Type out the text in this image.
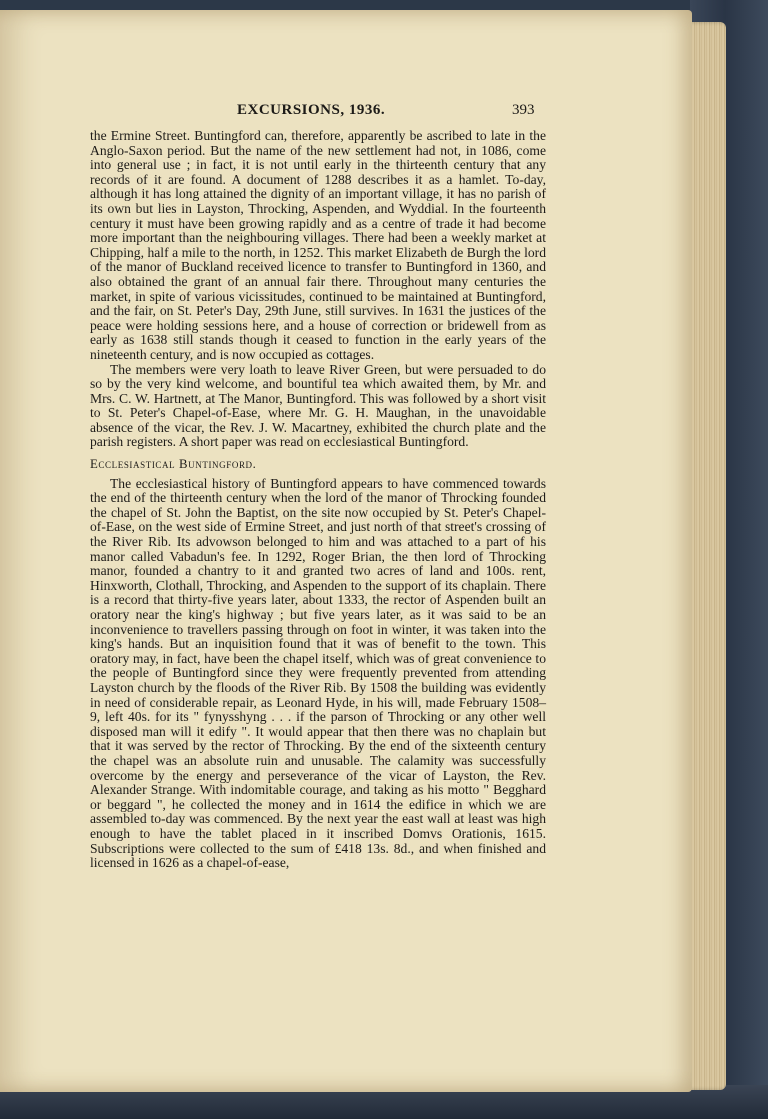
EXCURSIONS, 1936.	393

the Ermine Street. Buntingford can, therefore, apparently be ascribed to late in the Anglo-Saxon period. But the name of the new settlement had not, in 1086, come into general use ; in fact, it is not until early in the thirteenth century that any records of it are found. A document of 1288 describes it as a hamlet. To-day, although it has long attained the dignity of an important village, it has no parish of its own but lies in Layston, Throcking, Aspenden, and Wyddial. In the fourteenth century it must have been growing rapidly and as a centre of trade it had become more important than the neighbouring villages. There had been a weekly market at Chipping, half a mile to the north, in 1252. This market Elizabeth de Burgh the lord of the manor of Buckland received licence to transfer to Buntingford in 1360, and also obtained the grant of an annual fair there. Throughout many centuries the market, in spite of various vicissitudes, continued to be maintained at Buntingford, and the fair, on St. Peter's Day, 29th June, still survives. In 1631 the justices of the peace were holding sessions here, and a house of correction or bridewell from as early as 1638 still stands though it ceased to function in the early years of the nineteenth century, and is now occupied as cottages.

The members were very loath to leave River Green, but were persuaded to do so by the very kind welcome, and bountiful tea which awaited them, by Mr. and Mrs. C. W. Hartnett, at The Manor, Buntingford. This was followed by a short visit to St. Peter's Chapel-of-Ease, where Mr. G. H. Maughan, in the unavoidable absence of the vicar, the Rev. J. W. Macartney, exhibited the church plate and the parish registers. A short paper was read on ecclesiastical Buntingford.

Ecclesiastical Buntingford.

The ecclesiastical history of Buntingford appears to have commenced towards the end of the thirteenth century when the lord of the manor of Throcking founded the chapel of St. John the Baptist, on the site now occupied by St. Peter's Chapel-of-Ease, on the west side of Ermine Street, and just north of that street's crossing of the River Rib. Its advowson belonged to him and was attached to a part of his manor called Vabadun's fee. In 1292, Roger Brian, the then lord of Throcking manor, founded a chantry to it and granted two acres of land and 100s. rent, Hinxworth, Clothall, Throcking, and Aspenden to the support of its chaplain. There is a record that thirty-five years later, about 1333, the rector of Aspenden built an oratory near the king's highway ; but five years later, as it was said to be an inconvenience to travellers passing through on foot in winter, it was taken into the king's hands. But an inquisition found that it was of benefit to the town. This oratory may, in fact, have been the chapel itself, which was of great convenience to the people of Buntingford since they were frequently prevented from attending Layston church by the floods of the River Rib. By 1508 the building was evidently in need of considerable repair, as Leonard Hyde, in his will, made February 1508–9, left 40s. for its " fynysshyng . . . if the parson of Throcking or any other well disposed man will it edify ". It would appear that then there was no chaplain but that it was served by the rector of Throcking. By the end of the sixteenth century the chapel was an absolute ruin and unusable. The calamity was successfully overcome by the energy and perseverance of the vicar of Layston, the Rev. Alexander Strange. With indomitable courage, and taking as his motto " Begghard or beggard ", he collected the money and in 1614 the edifice in which we are assembled to-day was commenced. By the next year the east wall at least was high enough to have the tablet placed in it inscribed Domvs Orationis, 1615. Subscriptions were collected to the sum of £418 13s. 8d., and when finished and licensed in 1626 as a chapel-of-ease,
